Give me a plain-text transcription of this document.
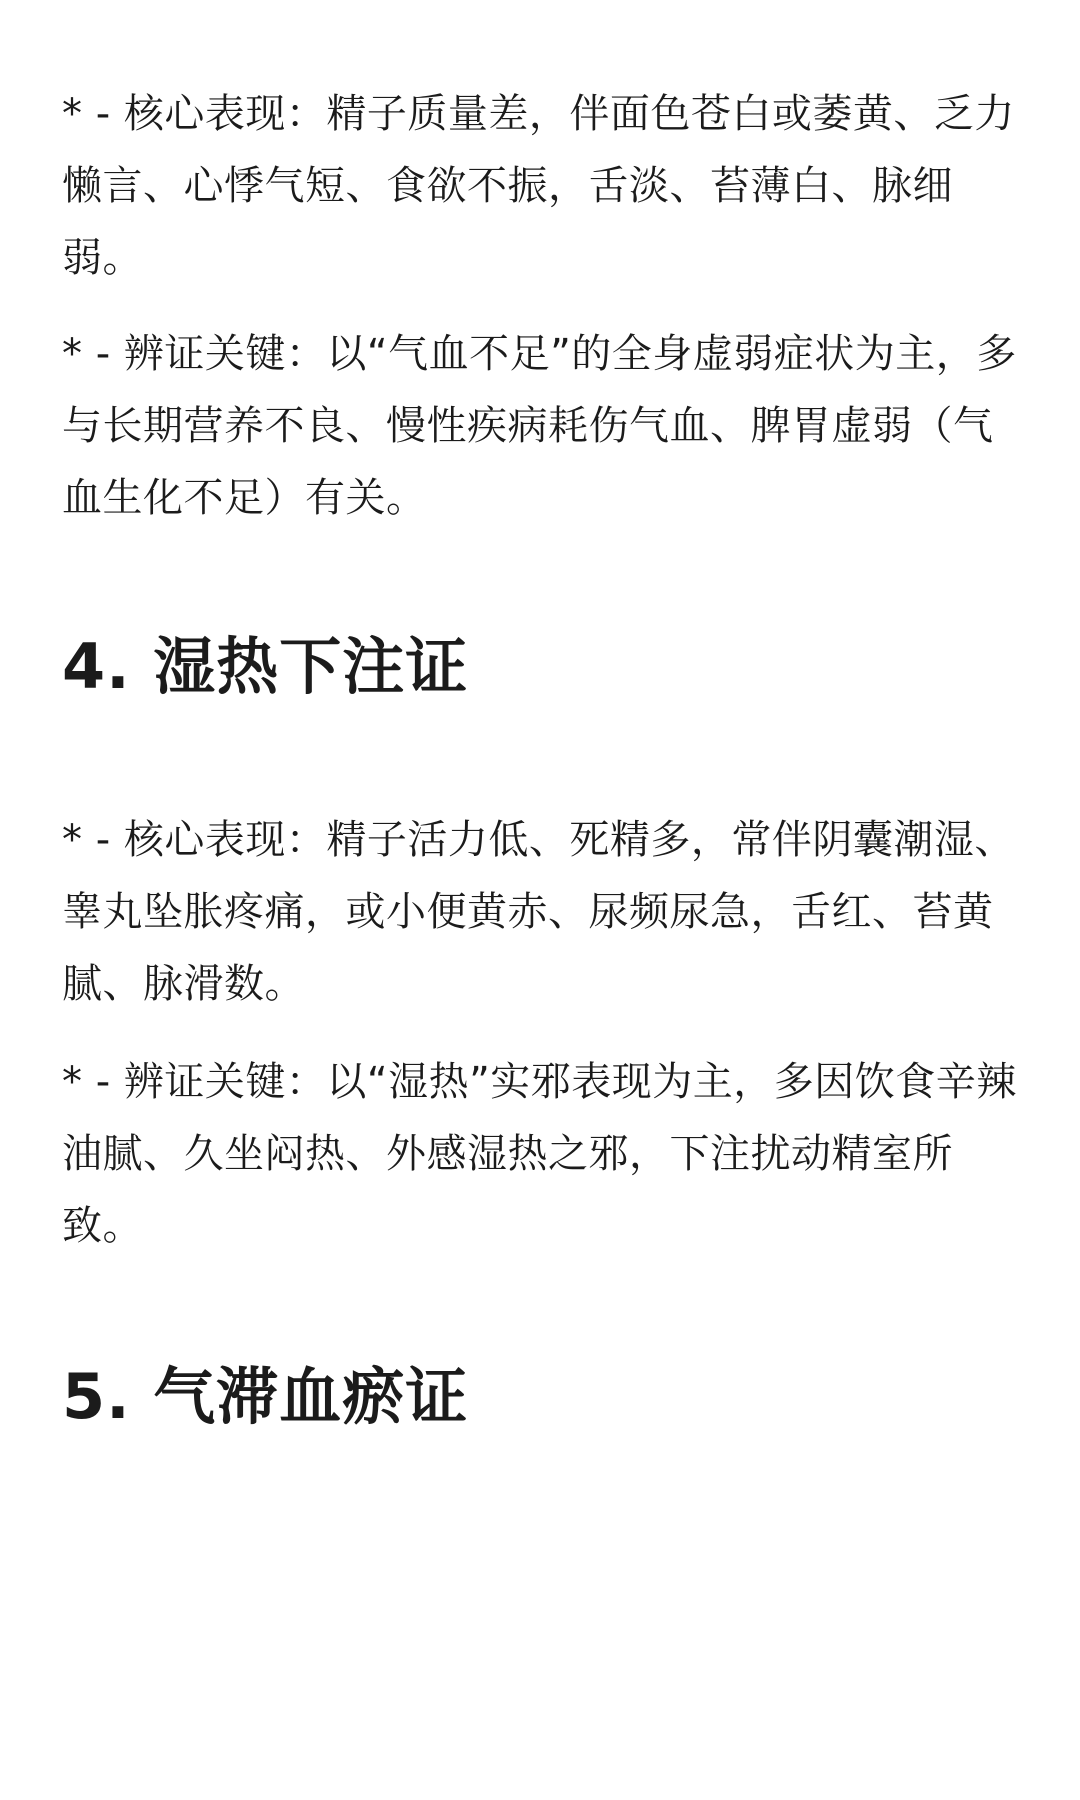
* - 核心表现：精子质量差，伴面色苍白或萎黄、乏力懒言、心悸气短、食欲不振，舌淡、苔薄白、脉细弱。

* - 辨证关键：以“气血不足”的全身虚弱症状为主，多与长期营养不良、慢性疾病耗伤气血、脾胃虚弱（气血生化不足）有关。

4. 湿热下注证

* - 核心表现：精子活力低、死精多，常伴阴囊潮湿、睾丸坠胀疼痛，或小便黄赤、尿频尿急，舌红、苔黄腻、脉滑数。

* - 辨证关键：以“湿热”实邪表现为主，多因饮食辛辣油腻、久坐闷热、外感湿热之邪，下注扰动精室所致。

5. 气滞血瘀证
